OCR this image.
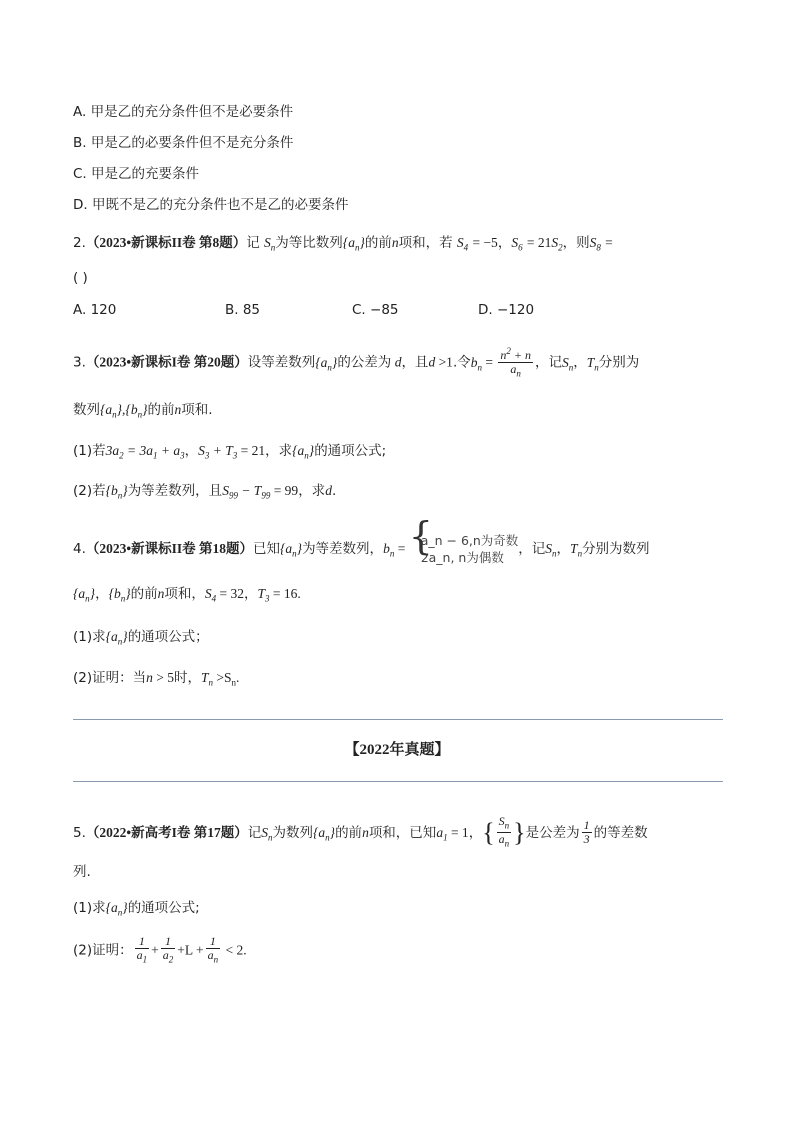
A. 甲是乙的充分条件但不是必要条件
B. 甲是乙的必要条件但不是充分条件
C. 甲是乙的充要条件
D. 甲既不是乙的充分条件也不是乙的必要条件
2.（2023•新课标II卷 第8题）记 $S_n$为等比数列$\{a_n\}$的前n项和，若 $S_4 = -5$，$S_6 = 21S_2$，则$S_8$ =
( )
A. 120	B. 85	C. −85	D. −120
3.（2023•新课标I卷 第20题）设等差数列$\{a_n\}$的公差为 d，且d >1.令$b_n = \frac{n^2 + n}{a_n}$ ，记$S_n$，$T_n$分别为
数列$\{a_n\},\{b_n\}$的前n项和.
(1)若$3a_2 = 3a_1 + a_3$，$S_3 + T_3 = 21$，求$\{a_n\}$的通项公式;
(2)若$\{b_n\}$为等差数列，且$S_{99} - T_{99} = 99$，求d.
4.（2023•新课标II卷 第18题）已知$\{a_n\}$为等差数列，$b_n$ = {
a_n − 6,n为奇数
2a_n, n为偶数
，记$S_n$，$T_n$分别为数列
$\{a_n\}$，$\{b_n\}$的前n项和，$S_4 = 32$，$T_3 = 16$.
(1)求$\{a_n\}$的通项公式；
(2)证明：当n > 5时，$T_n >S_n$.
【2022年真题】
5.（2022•新高考I卷 第17题）记$S_n$为数列$\{a_n\}$的前n项和，已知$a_1 = 1$，{ $\frac{S_n}{a_n}$ }是公差为 $\frac{1}{3}$ 的等差数
列.
(1)求$\{a_n\}$的通项公式;
(2)证明： $\frac{1}{a_1} + \frac{1}{a_2} +L + \frac{1}{a_n} < 2$.
